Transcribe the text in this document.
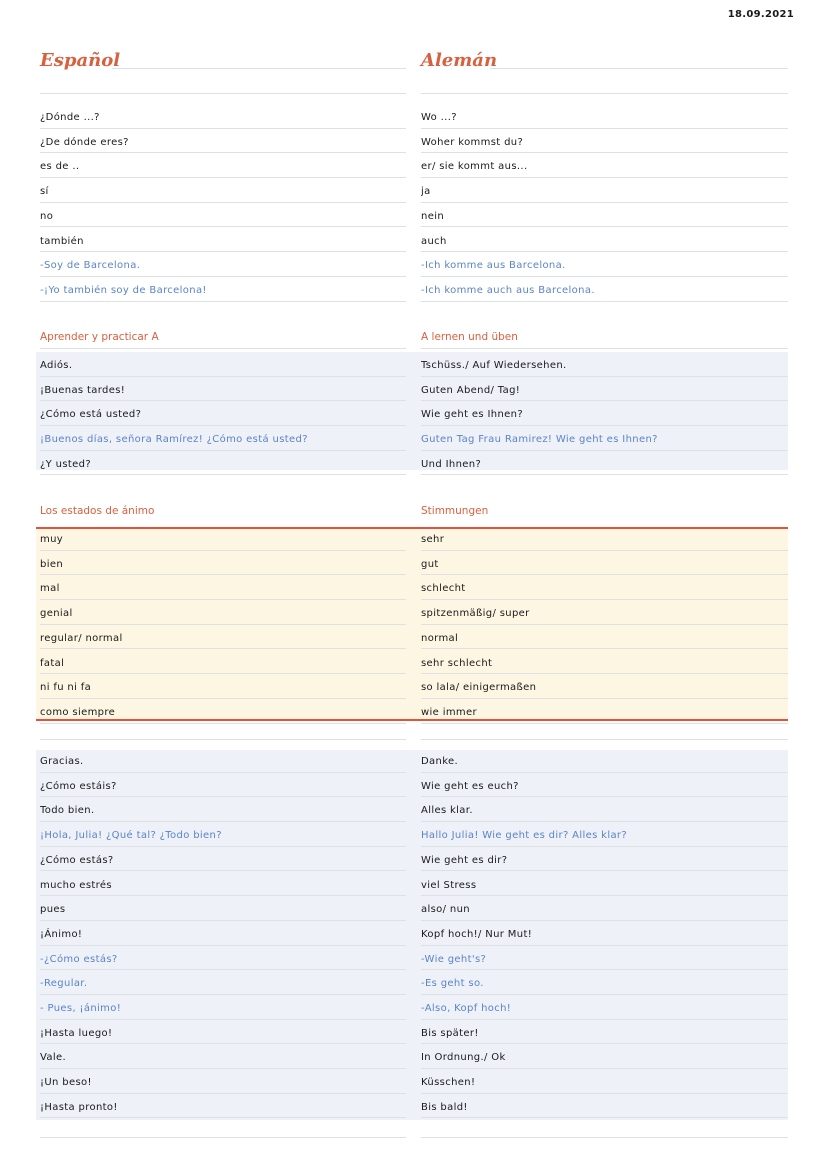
18.09.2021
Español	Alemán
Aprender y practicar A	A lernen und üben
Los estados de ánimo	Stimmungen
¿Dónde ...?	Wo ...?
¿De dónde eres?	Woher kommst du?
es de ..	er/ sie kommt aus...
sí	ja
no	nein
también	auch
-Soy de Barcelona.	-Ich komme aus Barcelona.
-¡Yo también soy de Barcelona!	-Ich komme auch aus Barcelona.
Adiós.	Tschüss./ Auf Wiedersehen.
¡Buenas tardes!	Guten Abend/ Tag!
¿Cómo está usted?	Wie geht es Ihnen?
¡Buenos días, señora Ramírez! ¿Cómo está usted?	Guten Tag Frau Ramirez! Wie geht es Ihnen?
¿Y usted?	Und Ihnen?
muy	sehr
bien	gut
mal	schlecht
genial	spitzenmäßig/ super
regular/ normal	normal
fatal	sehr schlecht
ni fu ni fa	so lala/ einigermaßen
como siempre	wie immer
Gracias.	Danke.
¿Cómo estáis?	Wie geht es euch?
Todo bien.	Alles klar.
¡Hola, Julia! ¿Qué tal? ¿Todo bien?	Hallo Julia! Wie geht es dir? Alles klar?
¿Cómo estás?	Wie geht es dir?
mucho estrés	viel Stress
pues	also/ nun
¡Ánimo!	Kopf hoch!/ Nur Mut!
-¿Cómo estás?	-Wie geht's?
-Regular.	-Es geht so.
- Pues, ¡ánimo!	-Also, Kopf hoch!
¡Hasta luego!	Bis später!
Vale.	In Ordnung./ Ok
¡Un beso!	Küsschen!
¡Hasta pronto!	Bis bald!
